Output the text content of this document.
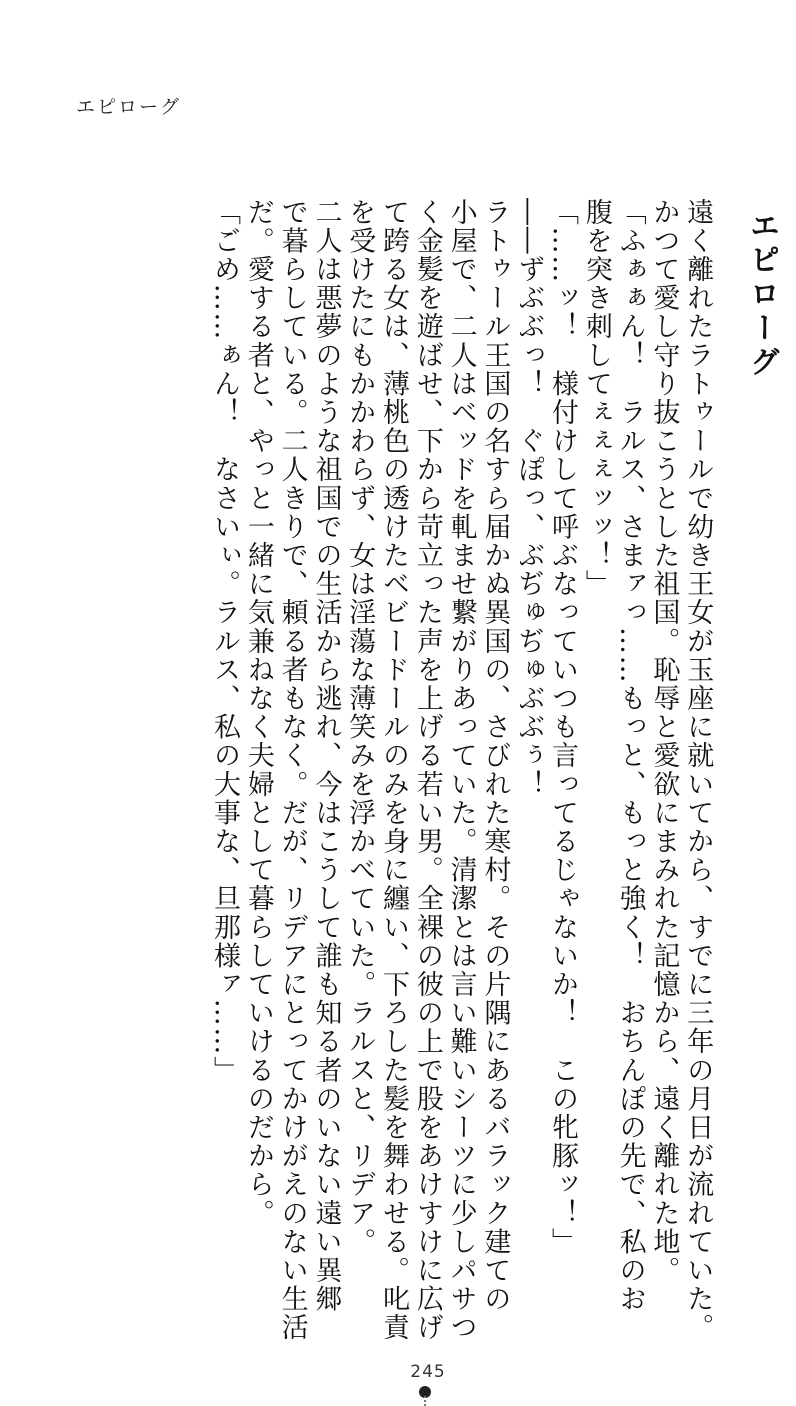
エピローグ
エピローグ

遠く離れたラトゥールで幼き王女が玉座に就いてから、すでに三年の月日が流れていた。

かつて愛し守り抜こうとした祖国。恥辱と愛欲にまみれた記憶から、遠く離れた地。

「ふぁぁん！　ラルス、さまァっ……もっと、もっと強く！　おちんぽの先で、私のお

腹を突き刺してぇぇぇッッ！」

「……ッ！　様付けして呼ぶなっていつも言ってるじゃないか！　この牝豚ッ！」

――ずぶぶっ！　ぐぽっ、ぶぢゅぢゅぶぶぅ！

ラトゥール王国の名すら届かぬ異国の、さびれた寒村。その片隅にあるバラック建ての

小屋で、二人はベッドを軋ませ繋がりあっていた。清潔とは言い難いシーツに少しパサつ

く金髪を遊ばせ、下から苛立った声を上げる若い男。全裸の彼の上で股をあけすけに広げ

て跨る女は、薄桃色の透けたベビードールのみを身に纏い、下ろした髪を舞わせる。叱責

を受けたにもかかわらず、女は淫蕩な薄笑みを浮かべていた。ラルスと、リデア。

二人は悪夢のような祖国での生活から逃れ、今はこうして誰も知る者のいない遠い異郷

で暮らしている。二人きりで、頼る者もなく。だが、リデアにとってかけがえのない生活

だ。愛する者と、やっと一緒に気兼ねなく夫婦として暮らしていけるのだから。

「ごめ……ぁん！　なさいぃ。ラルス、私の大事な、旦那様ァ……」

245
